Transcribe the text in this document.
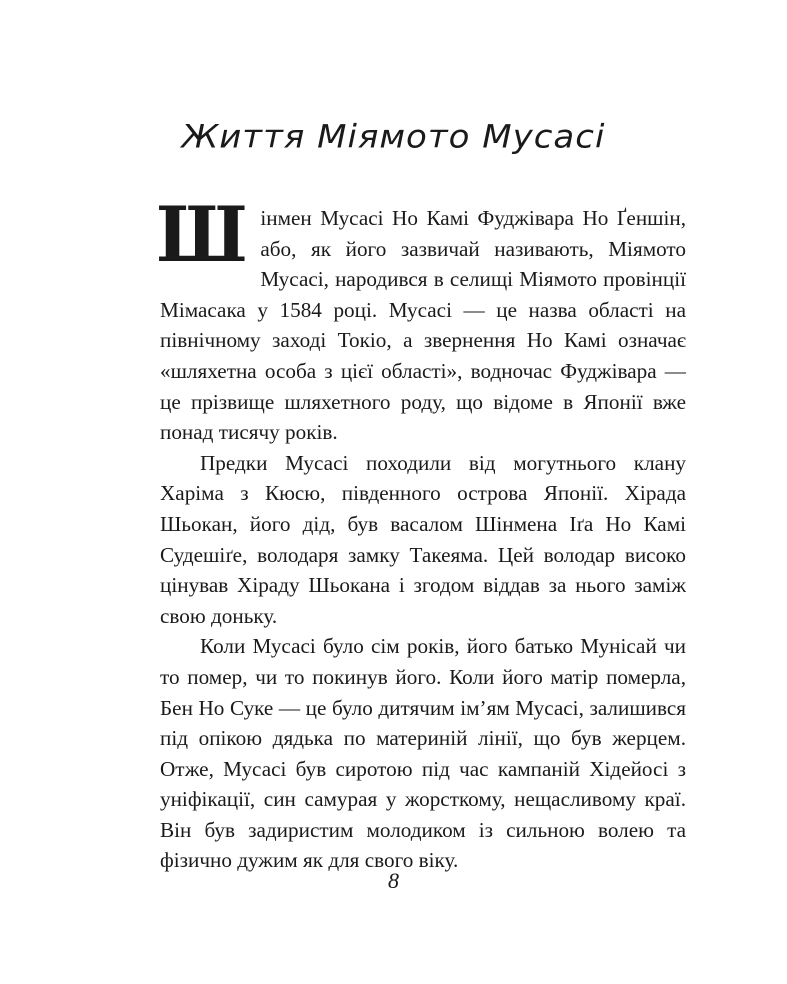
Життя Міямото Мусасі

Шінмен Мусасі Но Камі Фуджівара Но Ґеншін, або, як його зазвичай називають, Міямото Мусасі, народився в селищі Міямото провінції Мімасака у 1584 році. Мусасі — це назва області на північному заході Токіо, а звернення Но Камі означає «шляхетна особа з цієї області», водночас Фуджівара — це прізвище шляхетного роду, що відоме в Японії вже понад тисячу років.

Предки Мусасі походили від могутнього клану Харіма з Кюсю, південного острова Японії. Хірада Шьокан, його дід, був васалом Шінмена Іґа Но Камі Судешіґе, володаря замку Такеяма. Цей володар високо цінував Хіраду Шьокана і згодом віддав за нього заміж свою доньку.

Коли Мусасі було сім років, його батько Мунісай чи то помер, чи то покинув його. Коли його матір померла, Бен Но Суке — це було дитячим ім’ям Мусасі, залишився під опікою дядька по материній лінії, що був жерцем. Отже, Мусасі був сиротою під час кампаній Хідейосі з уніфікації, син самурая у жорсткому, нещасливому краї. Він був задиристим молодиком із сильною волею та фізично дужим як для свого віку.

8
